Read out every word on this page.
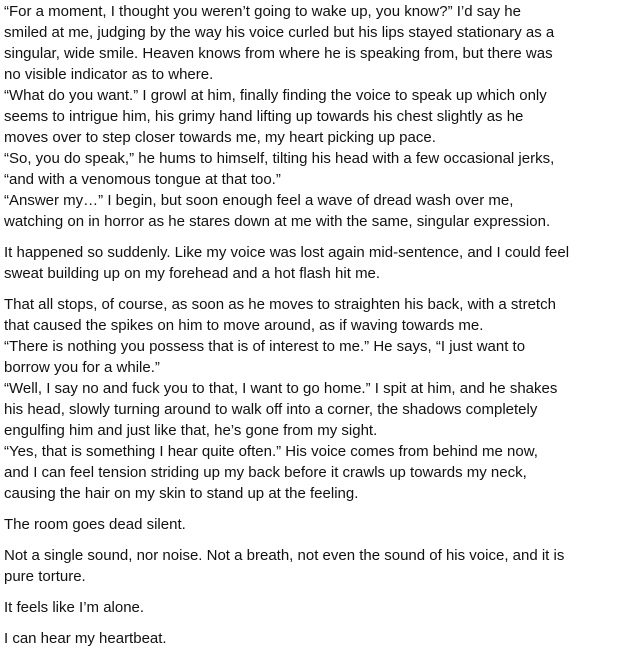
“For a moment, I thought you weren’t going to wake up, you know?” I’d say he
smiled at me, judging by the way his voice curled but his lips stayed stationary as a
singular, wide smile. Heaven knows from where he is speaking from, but there was
no visible indicator as to where.
“What do you want.” I growl at him, finally finding the voice to speak up which only
seems to intrigue him, his grimy hand lifting up towards his chest slightly as he
moves over to step closer towards me, my heart picking up pace.
“So, you do speak,” he hums to himself, tilting his head with a few occasional jerks,
“and with a venomous tongue at that too.”
“Answer my…” I begin, but soon enough feel a wave of dread wash over me,
watching on in horror as he stares down at me with the same, singular expression.
It happened so suddenly. Like my voice was lost again mid-sentence, and I could feel
sweat building up on my forehead and a hot flash hit me.
That all stops, of course, as soon as he moves to straighten his back, with a stretch
that caused the spikes on him to move around, as if waving towards me.
“There is nothing you possess that is of interest to me.” He says, “I just want to
borrow you for a while.”
“Well, I say no and fuck you to that, I want to go home.” I spit at him, and he shakes
his head, slowly turning around to walk off into a corner, the shadows completely
engulfing him and just like that, he’s gone from my sight.
“Yes, that is something I hear quite often.” His voice comes from behind me now,
and I can feel tension striding up my back before it crawls up towards my neck,
causing the hair on my skin to stand up at the feeling.
The room goes dead silent.
Not a single sound, nor noise. Not a breath, not even the sound of his voice, and it is
pure torture.
It feels like I’m alone.
I can hear my heartbeat.
